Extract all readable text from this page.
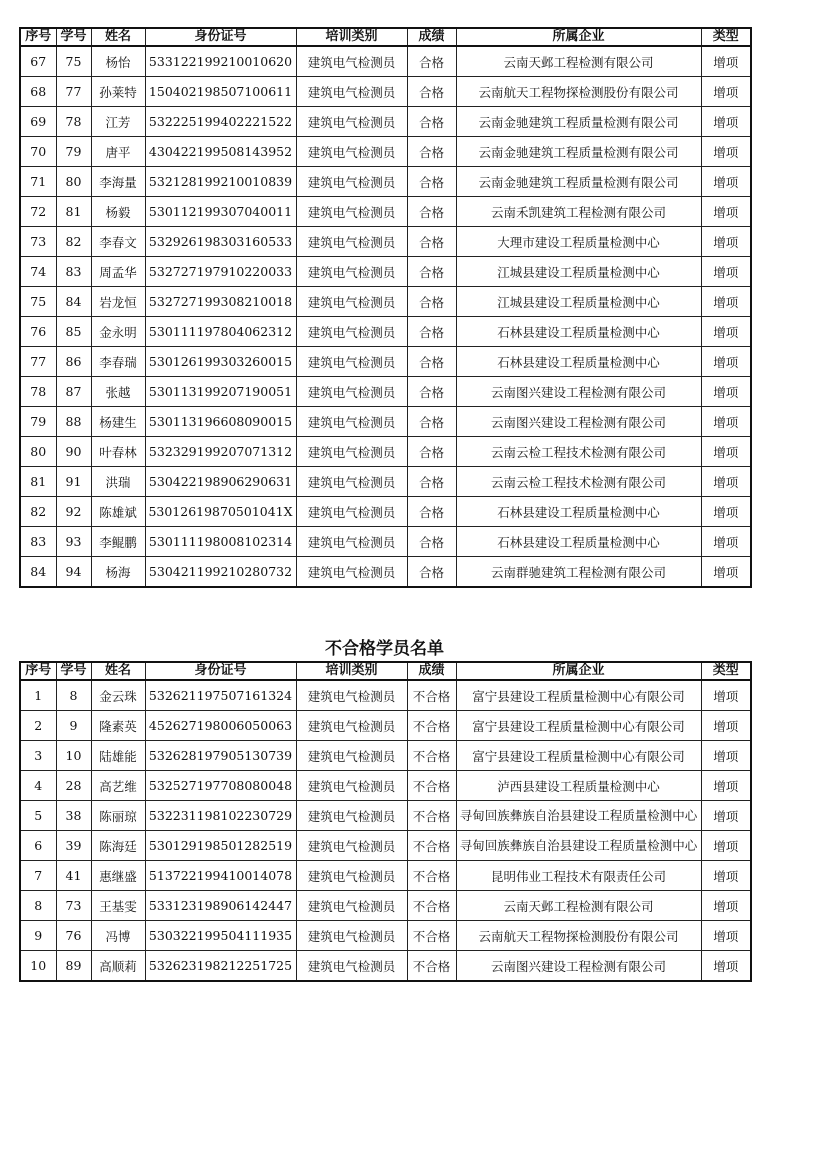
序号	学号	姓名	身份证号	培训类别	成绩	所属企业	类型
67	75	杨怡	533122199210010620	建筑电气检测员	合格	云南天邺工程检测有限公司	增项
68	77	孙莱特	150402198507100611	建筑电气检测员	合格	云南航天工程物探检测股份有限公司	增项
69	78	江芳	532225199402221522	建筑电气检测员	合格	云南金驰建筑工程质量检测有限公司	增项
70	79	唐平	430422199508143952	建筑电气检测员	合格	云南金驰建筑工程质量检测有限公司	增项
71	80	李海量	532128199210010839	建筑电气检测员	合格	云南金驰建筑工程质量检测有限公司	增项
72	81	杨毅	530112199307040011	建筑电气检测员	合格	云南禾凯建筑工程检测有限公司	增项
73	82	李春文	532926198303160533	建筑电气检测员	合格	大理市建设工程质量检测中心	增项
74	83	周孟华	532727197910220033	建筑电气检测员	合格	江城县建设工程质量检测中心	增项
75	84	岩龙恒	532727199308210018	建筑电气检测员	合格	江城县建设工程质量检测中心	增项
76	85	金永明	530111197804062312	建筑电气检测员	合格	石林县建设工程质量检测中心	增项
77	86	李春瑞	530126199303260015	建筑电气检测员	合格	石林县建设工程质量检测中心	增项
78	87	张越	530113199207190051	建筑电气检测员	合格	云南图兴建设工程检测有限公司	增项
79	88	杨建生	530113196608090015	建筑电气检测员	合格	云南图兴建设工程检测有限公司	增项
80	90	叶春林	532329199207071312	建筑电气检测员	合格	云南云检工程技术检测有限公司	增项
81	91	洪瑞	530422198906290631	建筑电气检测员	合格	云南云检工程技术检测有限公司	增项
82	92	陈雄斌	53012619870501041X	建筑电气检测员	合格	石林县建设工程质量检测中心	增项
83	93	李鲲鹏	530111198008102314	建筑电气检测员	合格	石林县建设工程质量检测中心	增项
84	94	杨海	530421199210280732	建筑电气检测员	合格	云南群驰建筑工程检测有限公司	增项
不合格学员名单
序号	学号	姓名	身份证号	培训类别	成绩	所属企业	类型
1	8	金云珠	532621197507161324	建筑电气检测员	不合格	富宁县建设工程质量检测中心有限公司	增项
2	9	隆素英	452627198006050063	建筑电气检测员	不合格	富宁县建设工程质量检测中心有限公司	增项
3	10	陆雄能	532628197905130739	建筑电气检测员	不合格	富宁县建设工程质量检测中心有限公司	增项
4	28	高艺维	532527197708080048	建筑电气检测员	不合格	泸西县建设工程质量检测中心	增项
5	38	陈丽琼	532231198102230729	建筑电气检测员	不合格	寻甸回族彝族自治县建设工程质量检测中心	增项
6	39	陈海廷	530129198501282519	建筑电气检测员	不合格	寻甸回族彝族自治县建设工程质量检测中心	增项
7	41	惠继盛	513722199410014078	建筑电气检测员	不合格	昆明伟业工程技术有限责任公司	增项
8	73	王基雯	533123198906142447	建筑电气检测员	不合格	云南天邺工程检测有限公司	增项
9	76	冯博	530322199504111935	建筑电气检测员	不合格	云南航天工程物探检测股份有限公司	增项
10	89	高顺莉	532623198212251725	建筑电气检测员	不合格	云南图兴建设工程检测有限公司	增项
